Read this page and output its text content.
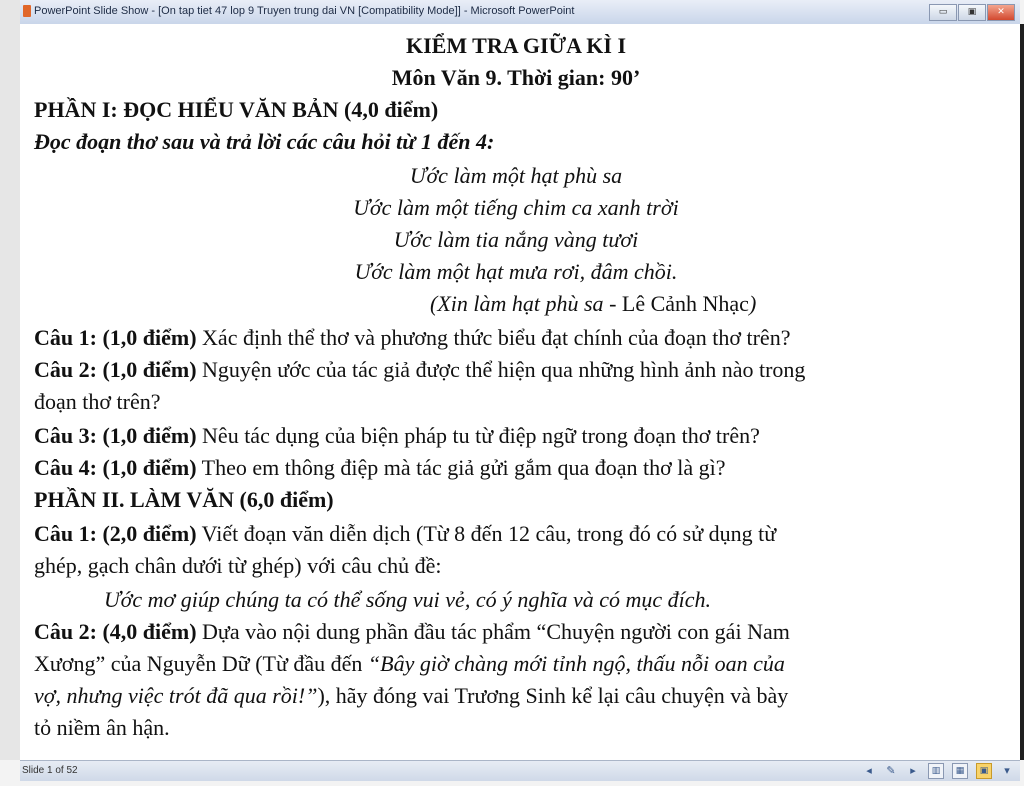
PowerPoint Slide Show - [On tap tiet 47 lop 9 Truyen trung dai VN [Compatibility Mode]] - Microsoft PowerPoint	▭	▣	✕

KIỂM TRA GIỮA KÌ I

Môn Văn 9. Thời gian: 90’

PHẦN I: ĐỌC HIỂU VĂN BẢN (4,0 điểm)

Đọc đoạn thơ sau và trả lời các câu hỏi từ 1 đến 4:

Ước làm một hạt phù sa

Ước làm một tiếng chim ca xanh trời

Ước làm tia nắng vàng tươi

Ước làm một hạt mưa rơi, đâm chồi.

(Xin làm hạt phù sa - Lê Cảnh Nhạc)

Câu 1: (1,0 điểm) Xác định thể thơ và phương thức biểu đạt chính của đoạn thơ trên?

Câu 2: (1,0 điểm) Nguyện ước của tác giả được thể hiện qua những hình ảnh nào trong

đoạn thơ trên?

Câu 3: (1,0 điểm) Nêu tác dụng của biện pháp tu từ điệp ngữ trong đoạn thơ trên?

Câu 4: (1,0 điểm) Theo em thông điệp mà tác giả gửi gắm qua đoạn thơ là gì?

PHẦN II. LÀM VĂN (6,0 điểm)

Câu 1: (2,0 điểm) Viết đoạn văn diễn dịch (Từ 8 đến 12 câu, trong đó có sử dụng từ

ghép, gạch chân dưới từ ghép) với câu chủ đề:

Ước mơ giúp chúng ta có thể sống vui vẻ, có ý nghĩa và có mục đích.

Câu 2: (4,0 điểm) Dựa vào nội dung phần đầu tác phẩm “Chuyện người con gái Nam

Xương” của Nguyễn Dữ (Từ đầu đến “Bây giờ chàng mới tỉnh ngộ, thấu nỗi oan của

vợ, nhưng việc trót đã qua rồi!”), hãy đóng vai Trương Sinh kể lại câu chuyện và bày

tỏ niềm ân hận.

Slide 1 of 52	◂	✎	▸	▥	▦	▣	▾
